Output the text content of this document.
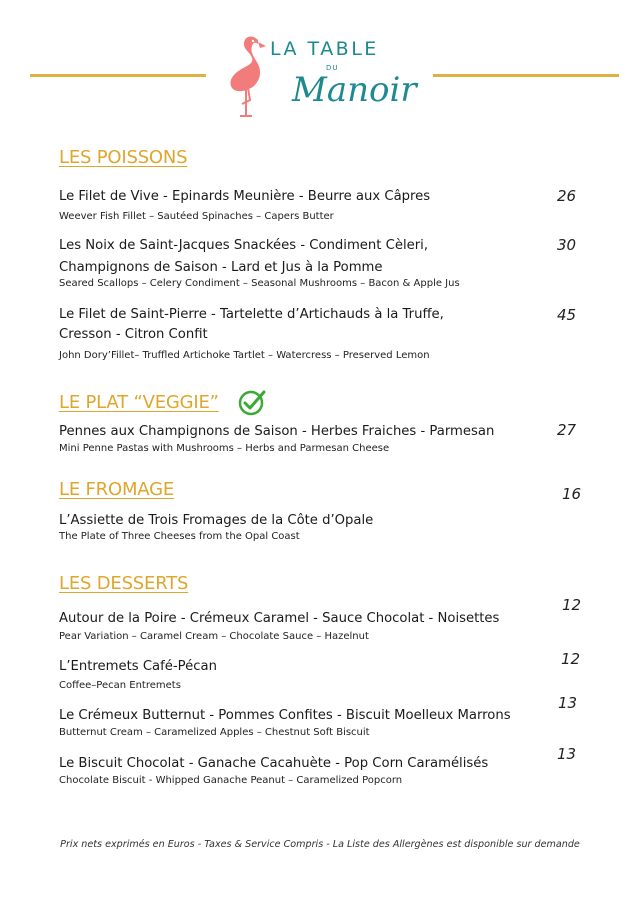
LA TABLE
DU
Manoir
LES POISSONS
Le Filet de Vive - Epinards Meunière - Beurre aux Câpres
Weever Fish Fillet – Sautéed Spinaches – Capers Butter
26
Les Noix de Saint-Jacques Snackées - Condiment Cèleri,
Champignons de Saison - Lard et Jus à la Pomme
Seared Scallops – Celery Condiment – Seasonal Mushrooms – Bacon & Apple Jus
30
Le Filet de Saint-Pierre - Tartelette d’Artichauds à la Truffe,
Cresson - Citron Confit
John Dory’Fillet– Truffled Artichoke Tartlet – Watercress – Preserved Lemon
45
LE PLAT “VEGGIE”
Pennes aux Champignons de Saison - Herbes Fraiches - Parmesan
Mini Penne Pastas with Mushrooms – Herbs and Parmesan Cheese
27
LE FROMAGE	16
L’Assiette de Trois Fromages de la Côte d’Opale
The Plate of Three Cheeses from the Opal Coast
LES DESSERTS
Autour de la Poire - Crémeux Caramel - Sauce Chocolat - Noisettes
Pear Variation – Caramel Cream – Chocolate Sauce – Hazelnut
12
L’Entremets Café-Pécan
Coffee–Pecan Entremets
12
Le Crémeux Butternut - Pommes Confites - Biscuit Moelleux Marrons
Butternut Cream – Caramelized Apples – Chestnut Soft Biscuit
13
Le Biscuit Chocolat - Ganache Cacahuète - Pop Corn Caramélisés
Chocolate Biscuit - Whipped Ganache Peanut – Caramelized Popcorn
13
Prix nets exprimés en Euros - Taxes & Service Compris - La Liste des Allergènes est disponible sur demande
